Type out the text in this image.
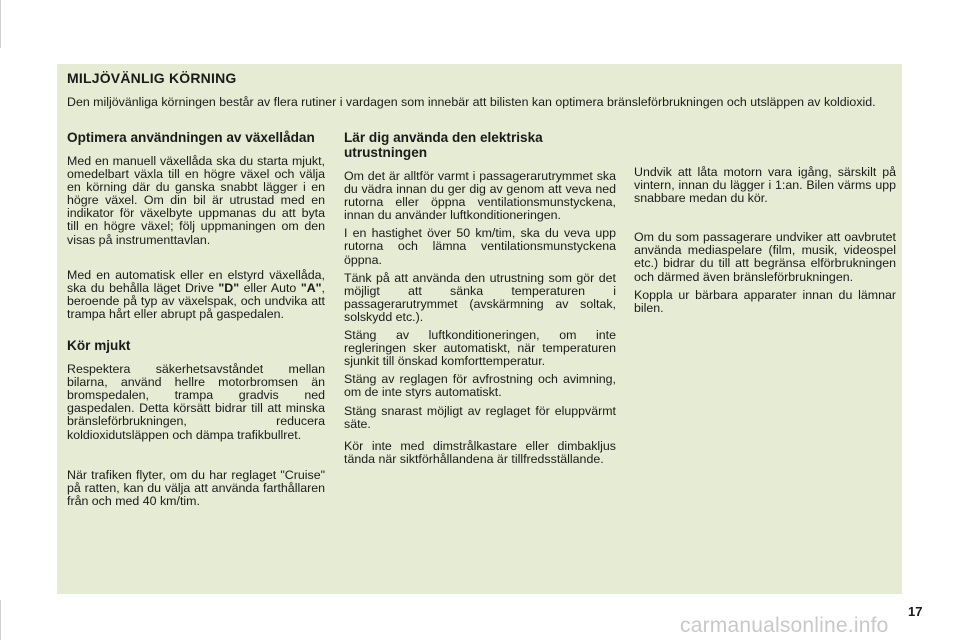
MILJÖVÄNLIG KÖRNING

Den miljövänliga körningen består av flera rutiner i vardagen som innebär att bilisten kan optimera bränsleförbrukningen och utsläppen av koldioxid.

Optimera användningen av växellådan

Med en manuell växellåda ska du starta mjukt, omedelbart växla till en högre växel och välja en körning där du ganska snabbt lägger i en högre växel. Om din bil är utrustad med en indikator för växelbyte uppmanas du att byta till en högre växel; följ uppmaningen om den visas på instrumenttavlan.

Med en automatisk eller en elstyrd växellåda, ska du behålla läget Drive "D" eller Auto "A", beroende på typ av växelspak, och undvika att trampa hårt eller abrupt på gaspedalen.

Kör mjukt

Respektera säkerhetsavståndet mellan bilarna, använd hellre motorbromsen än bromspedalen, trampa gradvis ned gaspedalen. Detta körsätt bidrar till att minska bränsleförbrukningen, reducera koldioxidutsläppen och dämpa trafikbullret.

När trafiken flyter, om du har reglaget "Cruise" på ratten, kan du välja att använda farthållaren från och med 40 km/tim.

Lär dig använda den elektriska utrustningen

Om det är alltför varmt i passagerarutrymmet ska du vädra innan du ger dig av genom att veva ned rutorna eller öppna ventilationsmunstyckena, innan du använder luftkonditioneringen.

I en hastighet över 50 km/tim, ska du veva upp rutorna och lämna ventilationsmunstyckena öppna.

Tänk på att använda den utrustning som gör det möjligt att sänka temperaturen i passagerarutrymmet (avskärmning av soltak, solskydd etc.).

Stäng av luftkonditioneringen, om inte regleringen sker automatiskt, när temperaturen sjunkit till önskad komforttemperatur.

Stäng av reglagen för avfrostning och avimning, om de inte styrs automatiskt.

Stäng snarast möjligt av reglaget för eluppvärmt säte.

Kör inte med dimstrålkastare eller dimbakljus tända när siktförhållandena är tillfredsställande.

Undvik att låta motorn vara igång, särskilt på vintern, innan du lägger i 1:an. Bilen värms upp snabbare medan du kör.

Om du som passagerare undviker att oavbrutet använda mediaspelare (film, musik, videospel etc.) bidrar du till att begränsa elförbrukningen och därmed även bränsleförbrukningen.

Koppla ur bärbara apparater innan du lämnar bilen.

17

carmanualsonline.info
